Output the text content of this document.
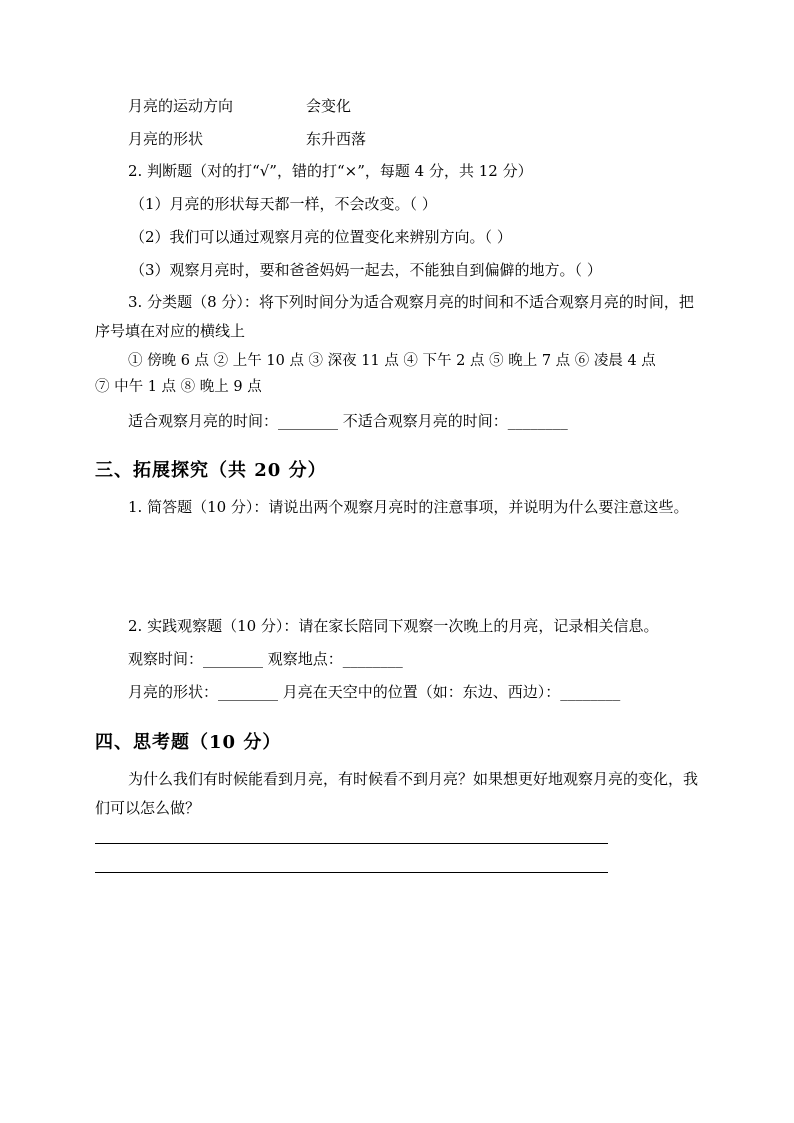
月亮的运动方向	会变化
月亮的形状	东升西落
2. 判断题（对的打“√”，错的打“×”，每题 4 分，共 12 分）
（1）月亮的形状每天都一样，不会改变。（ ）
（2）我们可以通过观察月亮的位置变化来辨别方向。（ ）
（3）观察月亮时，要和爸爸妈妈一起去，不能独自到偏僻的地方。（ ）
3. 分类题（8 分）：将下列时间分为适合观察月亮的时间和不适合观察月亮的时间，把序号填在对应的横线上
① 傍晚 6 点 ② 上午 10 点 ③ 深夜 11 点 ④ 下午 2 点 ⑤ 晚上 7 点 ⑥ 凌晨 4 点
⑦ 中午 1 点 ⑧ 晚上 9 点
适合观察月亮的时间：________ 不适合观察月亮的时间：________
三、拓展探究（共 20 分）
1. 简答题（10 分）：请说出两个观察月亮时的注意事项，并说明为什么要注意这些。
2. 实践观察题（10 分）：请在家长陪同下观察一次晚上的月亮，记录相关信息。
观察时间：________ 观察地点：________
月亮的形状：________ 月亮在天空中的位置（如：东边、西边）：________
四、思考题（10 分）
为什么我们有时候能看到月亮，有时候看不到月亮？如果想更好地观察月亮的变化，我们可以怎么做？
